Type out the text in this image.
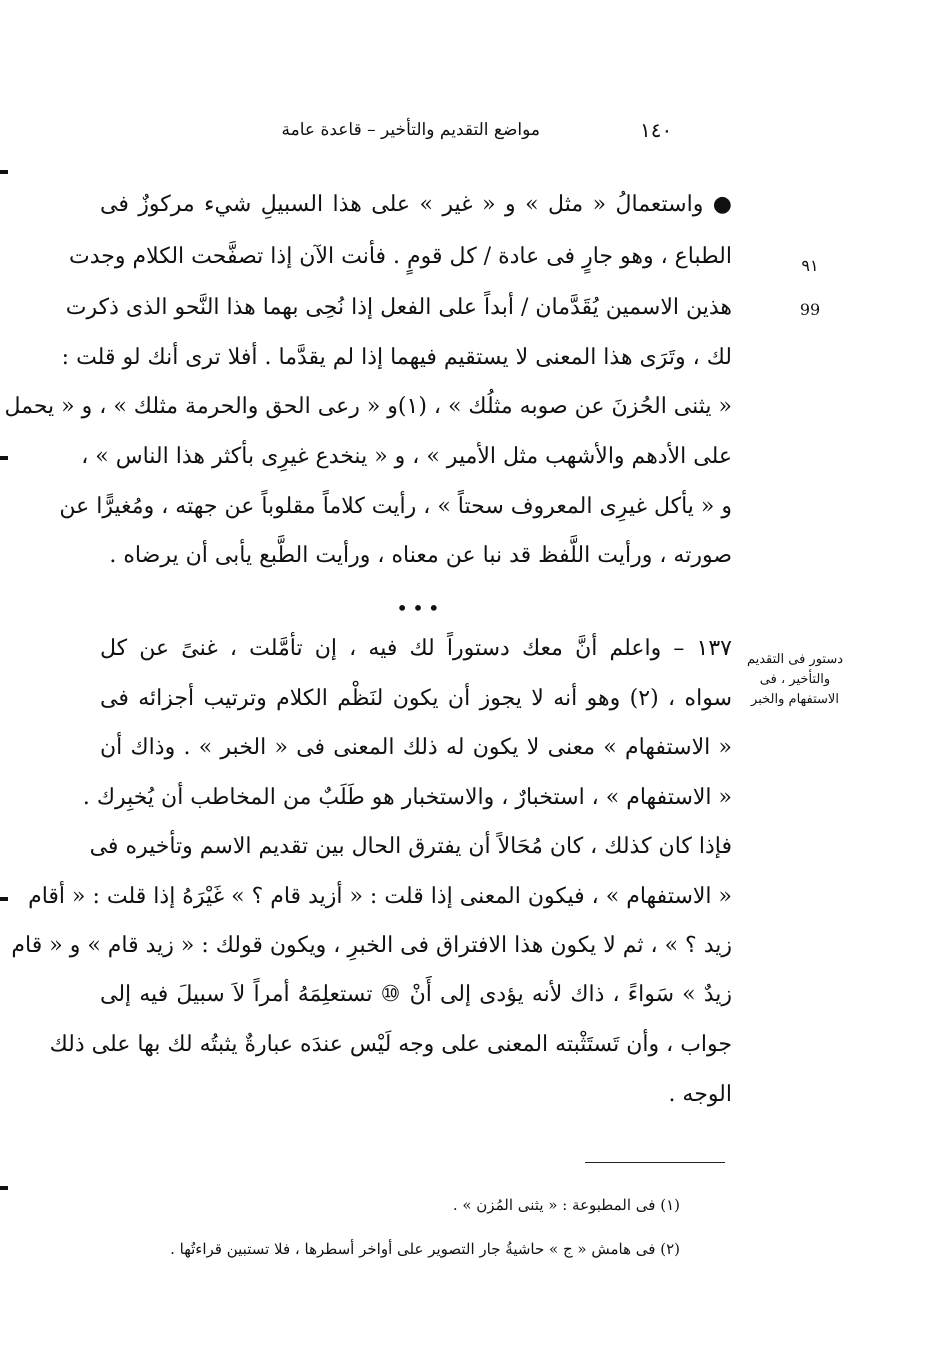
مواضع التقديم والتأخير – قاعدة عامة	١٤٠
● واستعمالُ « مثل » و « غير » على هذا السبيلِ شيء مركوزٌ فى
الطباع ، وهو جارٍ فى عادة / كل قومٍ . فأنت الآن إذا تصفَّحت الكلام وجدت
هذين الاسمين يُقَدَّمان / أبداً على الفعل إذا نُحِى بهما هذا النَّحو الذى ذكرت
لك ، وتَرَى هذا المعنى لا يستقيم فيهما إذا لم يقدَّما . أفلا ترى أنك لو قلت :
« يثنى الحُزنَ عن صوبه مثلُك » ، (١)و « رعى الحق والحرمة مثلك » ، و « يحمل
على الأدهم والأشهب مثل الأمير » ، و « ينخدع غيرِى بأكثر هذا الناس » ،
و « يأكل غيرِى المعروف سحتاً » ، رأيت كلاماً مقلوباً عن جهته ، ومُغيرًّا عن
صورته ، ورأيت اللَّفظ قد نبا عن معناه ، ورأيت الطَّبع يأبى أن يرضاه .
٩١
99
•••
دستور فى التقديم والتأخير ، فى الاستفهام والخبر
١٣٧ – واعلم أنَّ معك دستوراً لك فيه ، إن تأمَّلت ، غنىً عن كل
سواه ، (٢) وهو أنه لا يجوز أن يكون لنَظْم الكلام وترتيب أجزائه فى
« الاستفهام » معنى لا يكون له ذلك المعنى فى « الخبر » . وذاك أن
« الاستفهام » ، استخبارٌ ، والاستخبار هو طَلَبٌ من المخاطب أن يُخبِرك .
فإذا كان كذلك ، كان مُحَالاً أن يفترق الحال بين تقديم الاسم وتأخيره فى
« الاستفهام » ، فيكون المعنى إذا قلت : « أزيد قام ؟ » غَيْرَهُ إذا قلت : « أقام
زيد ؟ » ، ثم لا يكون هذا الافتراق فى الخبرِ ، ويكون قولك : « زيد قام » و « قام
زيدٌ » سَواءً ، ذاك لأنه يؤدى إلى أَنْ ⑩ تستعلِمَهُ أمراً لاَ سبيلَ فيه إلى
جواب ، وأن تَستَثْبته المعنى على وجه لَيْس عندَه عبارةٌ يثبتُه لك بها على ذلك
الوجه .
(١) فى المطبوعة : « يثنى المُزن » .
(٢) فى هامش « ج » حاشيةُ جار التصوير على أواخر أسطرها ، فلا تستبين قراءتُها .
